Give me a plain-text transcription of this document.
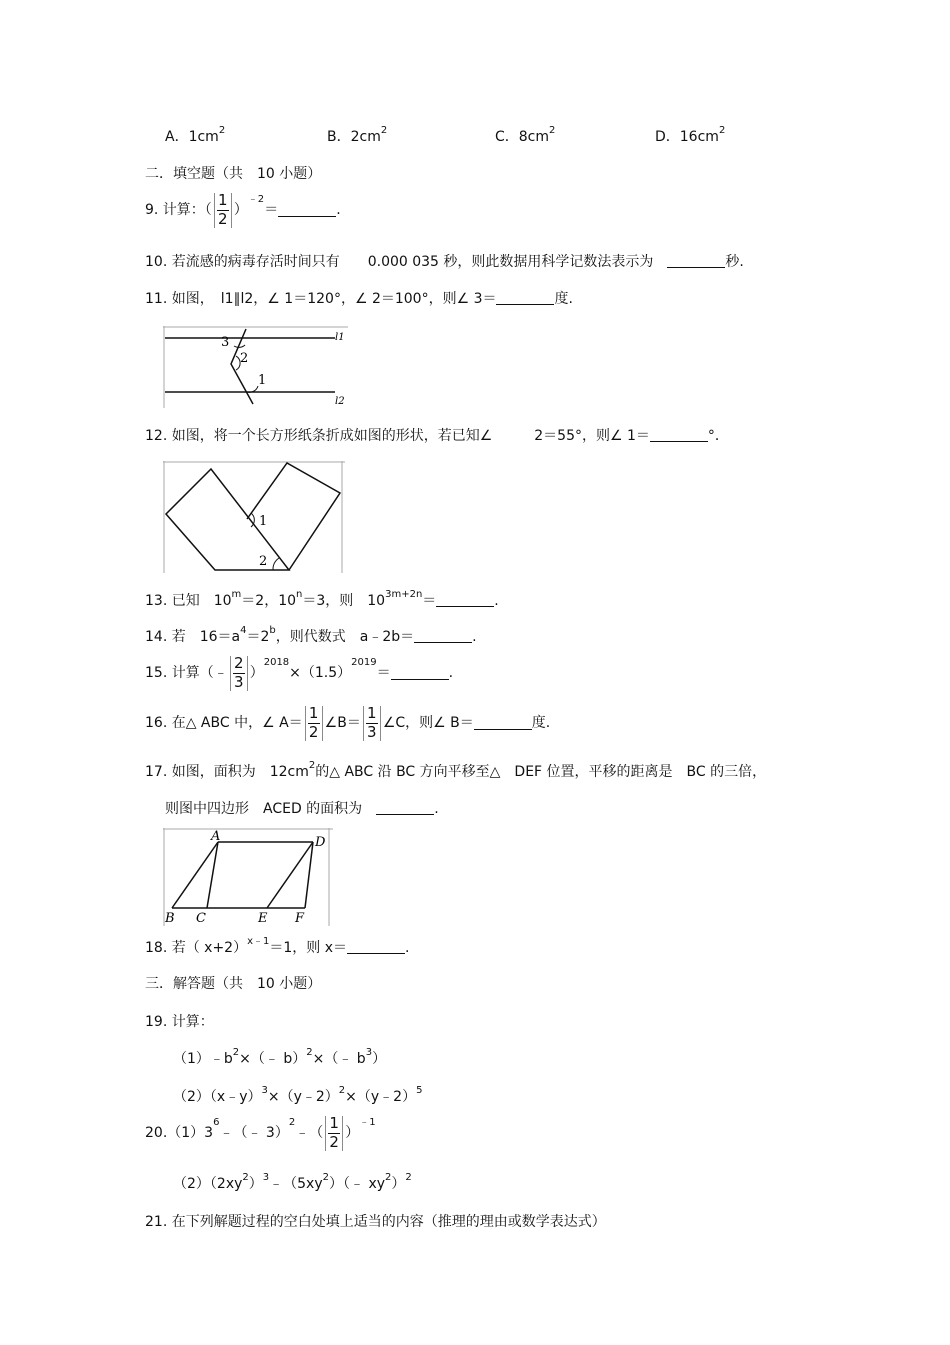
A．$1cm^2$	B．$2cm^2$	C．$8cm^2$	D．$16cm^2$
二．填空题（共　10 小题）
9. 计算：（ $\frac{1}{2}$ ）
$^{﹣2}$
＝	.
10. 若流感的病毒存活时间只有　　0.000 035 秒，则此数据用科学记数法表示为　	秒.
11. 如图，　l1∥l2，∠ 1＝120°，∠ 2＝100°，则∠ 3＝	度.
3
2
1
l1
l2
12. 如图，将一个长方形纸条折成如图的形状，若已知∠　　　2＝55°，则∠ 1＝	°．
1
2
13. 已知　$10^m=2$，$10^n=3$，则　$10^{3m+2n}=$	.
14. 若　$16=a^4=2^b$，则代数式　a﹣2b＝	.
15. 计算（﹣ $\frac{2}{3}$ ）
$^{2018}$
×（1.5）
$^{2019}$
＝	.
16. 在△ ABC 中，∠ $A= \frac{1}{2}$ ∠B＝ $\frac{1}{3}$ ∠C，则∠ B＝	度.
17. 如图，面积为　$12cm^2$的△ ABC 沿 BC 方向平移至△　DEF 位置，平移的距离是　BC 的三倍，
则图中四边形　ACED 的面积为　	.
A
B C
D
E F
18. 若（ x+2）$^{x﹣1}$＝1，则 x＝	.
三．解答题（共　10 小题）
19. 计算：
$(1)﹣b^2\times(﹣$ b）$^2$×（﹣ $b^3$）
（2）（x﹣y）$^3$×（y﹣2）$^2$×（y﹣2）$^5$
20.（1）3
$^6$
﹣（﹣ 3）
$^2$
﹣（ $\frac{1}{2}$ ）
$^{﹣1}$
$(2)(2xy^2)^3﹣(5xy^2)(﹣$ $xy^2)^2$
21. 在下列解题过程的空白处填上适当的内容（推理的理由或数学表达式）
